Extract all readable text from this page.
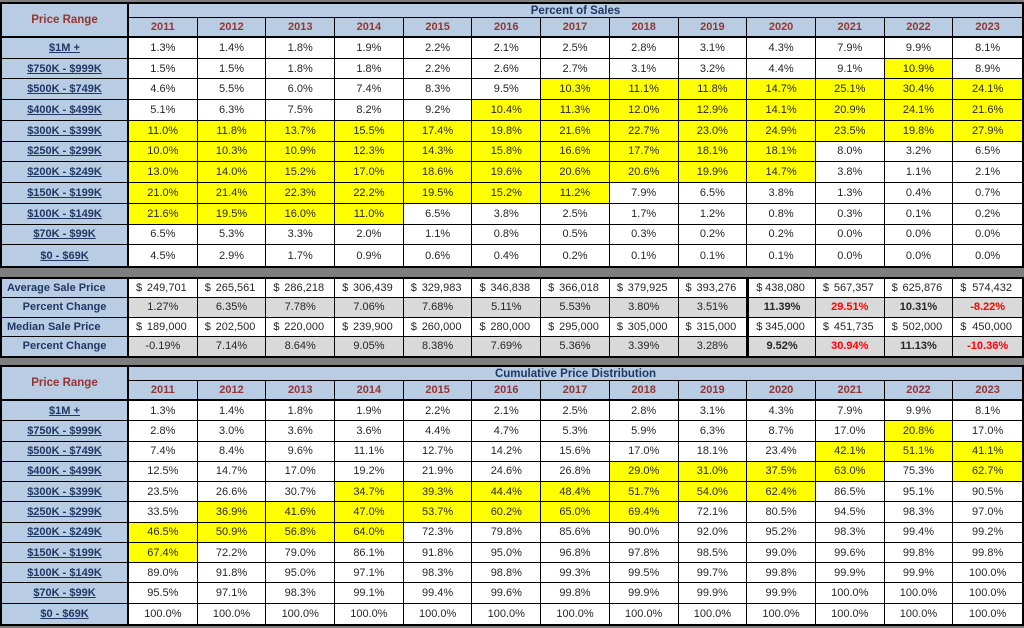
Price Range
Percent of Sales
2011	2012	2013	2014	2015	2016	2017	2018	2019	2020	2021	2022	2023
$1M +	1.3%	1.4%	1.8%	1.9%	2.2%	2.1%	2.5%	2.8%	3.1%	4.3%	7.9%	9.9%	8.1%
$750K - $999K	1.5%	1.5%	1.8%	1.8%	2.2%	2.6%	2.7%	3.1%	3.2%	4.4%	9.1%	10.9%	8.9%
$500K - $749K	4.6%	5.5%	6.0%	7.4%	8.3%	9.5%	10.3%	11.1%	11.8%	14.7%	25.1%	30.4%	24.1%
$400K - $499K	5.1%	6.3%	7.5%	8.2%	9.2%	10.4%	11.3%	12.0%	12.9%	14.1%	20.9%	24.1%	21.6%
$300K - $399K	11.0%	11.8%	13.7%	15.5%	17.4%	19.8%	21.6%	22.7%	23.0%	24.9%	23.5%	19.8%	27.9%
$250K - $299K	10.0%	10.3%	10.9%	12.3%	14.3%	15.8%	16.6%	17.7%	18.1%	18.1%	8.0%	3.2%	6.5%
$200K - $249K	13.0%	14.0%	15.2%	17.0%	18.6%	19.6%	20.6%	20.6%	19.9%	14.7%	3.8%	1.1%	2.1%
$150K - $199K	21.0%	21.4%	22.3%	22.2%	19.5%	15.2%	11.2%	7.9%	6.5%	3.8%	1.3%	0.4%	0.7%
$100K - $149K	21.6%	19.5%	16.0%	11.0%	6.5%	3.8%	2.5%	1.7%	1.2%	0.8%	0.3%	0.1%	0.2%
$70K - $99K	6.5%	5.3%	3.3%	2.0%	1.1%	0.8%	0.5%	0.3%	0.2%	0.2%	0.0%	0.0%	0.0%
$0 - $69K	4.5%	2.9%	1.7%	0.9%	0.6%	0.4%	0.2%	0.1%	0.1%	0.1%	0.0%	0.0%	0.0%
Average Sale Price	$ 249,701 $ 265,561 $ 286,218 $ 306,439 $ 329,983 $ 346,838 $ 366,018 $ 379,925 $ 393,276 $ 438,080 $ 567,357 $ 625,876 $ 574,432
Percent Change	1.27%	6.35%	7.78%	7.06%	7.68%	5.11%	5.53%	3.80%	3.51%	11.39%	29.51%	10.31%	-8.22%
Median Sale Price	$ 189,000 $ 202,500 $ 220,000 $ 239,900 $ 260,000 $ 280,000 $ 295,000 $ 305,000 $ 315,000 $ 345,000 $ 451,735 $ 502,000 $ 450,000
Percent Change	-0.19%	7.14%	8.64%	9.05%	8.38%	7.69%	5.36%	3.39%	3.28%	9.52%	30.94%	11.13%	-10.36%
Price Range
Cumulative Price Distribution
2011	2012	2013	2014	2015	2016	2017	2018	2019	2020	2021	2022	2023
$1M +	1.3%	1.4%	1.8%	1.9%	2.2%	2.1%	2.5%	2.8%	3.1%	4.3%	7.9%	9.9%	8.1%
$750K - $999K	2.8%	3.0%	3.6%	3.6%	4.4%	4.7%	5.3%	5.9%	6.3%	8.7%	17.0%	20.8%	17.0%
$500K - $749K	7.4%	8.4%	9.6%	11.1%	12.7%	14.2%	15.6%	17.0%	18.1%	23.4%	42.1%	51.1%	41.1%
$400K - $499K	12.5%	14.7%	17.0%	19.2%	21.9%	24.6%	26.8%	29.0%	31.0%	37.5%	63.0%	75.3%	62.7%
$300K - $399K	23.5%	26.6%	30.7%	34.7%	39.3%	44.4%	48.4%	51.7%	54.0%	62.4%	86.5%	95.1%	90.5%
$250K - $299K	33.5%	36.9%	41.6%	47.0%	53.7%	60.2%	65.0%	69.4%	72.1%	80.5%	94.5%	98.3%	97.0%
$200K - $249K	46.5%	50.9%	56.8%	64.0%	72.3%	79.8%	85.6%	90.0%	92.0%	95.2%	98.3%	99.4%	99.2%
$150K - $199K	67.4%	72.2%	79.0%	86.1%	91.8%	95.0%	96.8%	97.8%	98.5%	99.0%	99.6%	99.8%	99.8%
$100K - $149K	89.0%	91.8%	95.0%	97.1%	98.3%	98.8%	99.3%	99.5%	99.7%	99.8%	99.9%	99.9%	100.0%
$70K - $99K	95.5%	97.1%	98.3%	99.1%	99.4%	99.6%	99.8%	99.9%	99.9%	99.9%	100.0%	100.0%	100.0%
$0 - $69K	100.0%	100.0%	100.0%	100.0%	100.0%	100.0%	100.0%	100.0%	100.0%	100.0%	100.0%	100.0%	100.0%
